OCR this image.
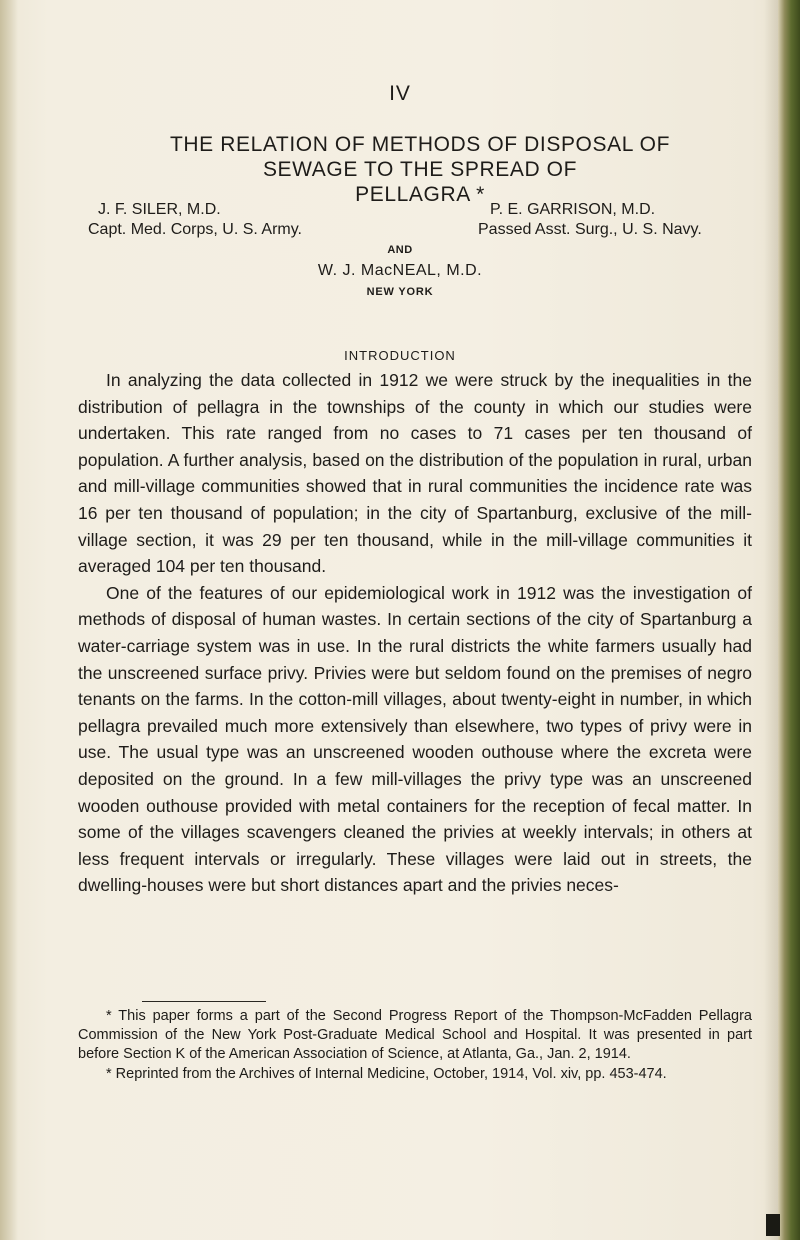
IV
THE RELATION OF METHODS OF DISPOSAL OF
SEWAGE TO THE SPREAD OF
PELLAGRA *
J. F. SILER, M.D.
Capt. Med. Corps, U. S. Army.
P. E. GARRISON, M.D.
Passed Asst. Surg., U. S. Navy.
AND
W. J. MacNEAL, M.D.
NEW YORK
INTRODUCTION

In analyzing the data collected in 1912 we were struck by the inequalities in the distribution of pellagra in the townships of the county in which our studies were undertaken. This rate ranged from no cases to 71 cases per ten thousand of population. A further analysis, based on the distribution of the population in rural, urban and mill-village communities showed that in rural communities the incidence rate was 16 per ten thousand of population; in the city of Spartanburg, exclusive of the mill-village section, it was 29 per ten thousand, while in the mill-village communities it averaged 104 per ten thousand.

One of the features of our epidemiological work in 1912 was the investigation of methods of disposal of human wastes. In certain sections of the city of Spartanburg a water-carriage system was in use. In the rural districts the white farmers usually had the unscreened surface privy. Privies were but seldom found on the premises of negro tenants on the farms. In the cotton-mill villages, about twenty-eight in number, in which pellagra prevailed much more extensively than elsewhere, two types of privy were in use. The usual type was an unscreened wooden outhouse where the excreta were deposited on the ground. In a few mill-villages the privy type was an unscreened wooden outhouse provided with metal containers for the reception of fecal matter. In some of the villages scavengers cleaned the privies at weekly intervals; in others at less frequent intervals or irregularly. These villages were laid out in streets, the dwelling-houses were but short distances apart and the privies neces-

* This paper forms a part of the Second Progress Report of the Thompson-McFadden Pellagra Commission of the New York Post-Graduate Medical School and Hospital. It was presented in part before Section K of the American Association of Science, at Atlanta, Ga., Jan. 2, 1914.

* Reprinted from the Archives of Internal Medicine, October, 1914, Vol. xiv, pp. 453-474.
